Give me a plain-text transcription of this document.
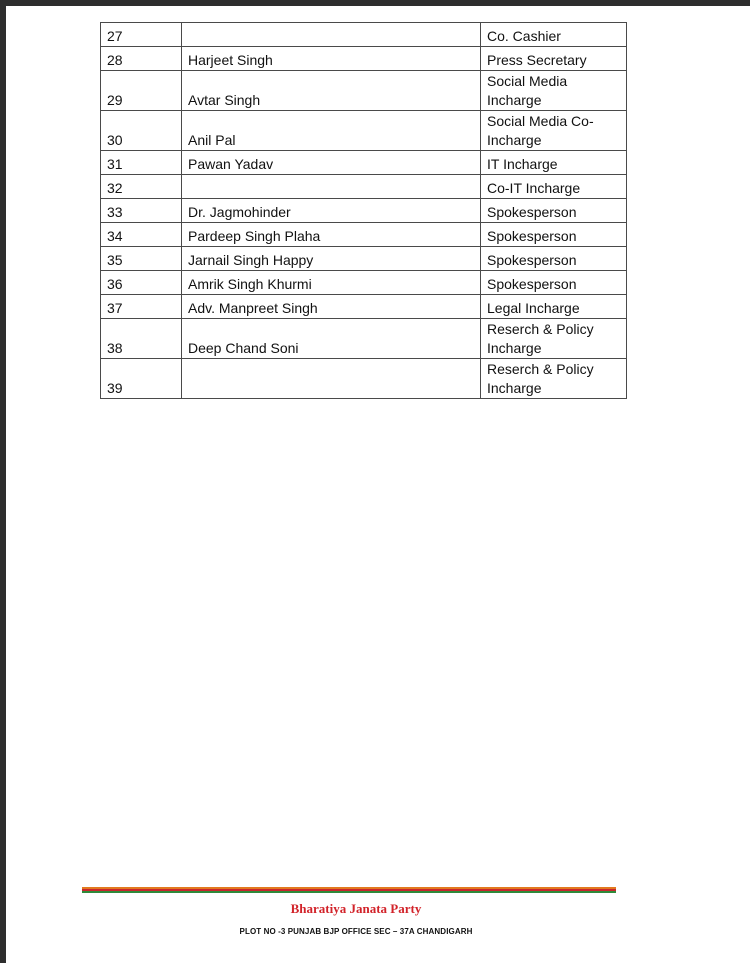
27		Co. Cashier
28	Harjeet Singh	Press Secretary
29	Avtar Singh	Social Media Incharge
30	Anil Pal	Social Media Co-Incharge
31	Pawan Yadav	IT Incharge
32		Co-IT Incharge
33	Dr. Jagmohinder	Spokesperson
34	Pardeep Singh Plaha	Spokesperson
35	Jarnail Singh Happy	Spokesperson
36	Amrik Singh Khurmi	Spokesperson
37	Adv. Manpreet Singh	Legal Incharge
38	Deep Chand Soni	Reserch & Policy Incharge
39		Reserch & Policy Incharge
Bharatiya Janata Party
PLOT NO -3 PUNJAB BJP OFFICE SEC – 37A CHANDIGARH
